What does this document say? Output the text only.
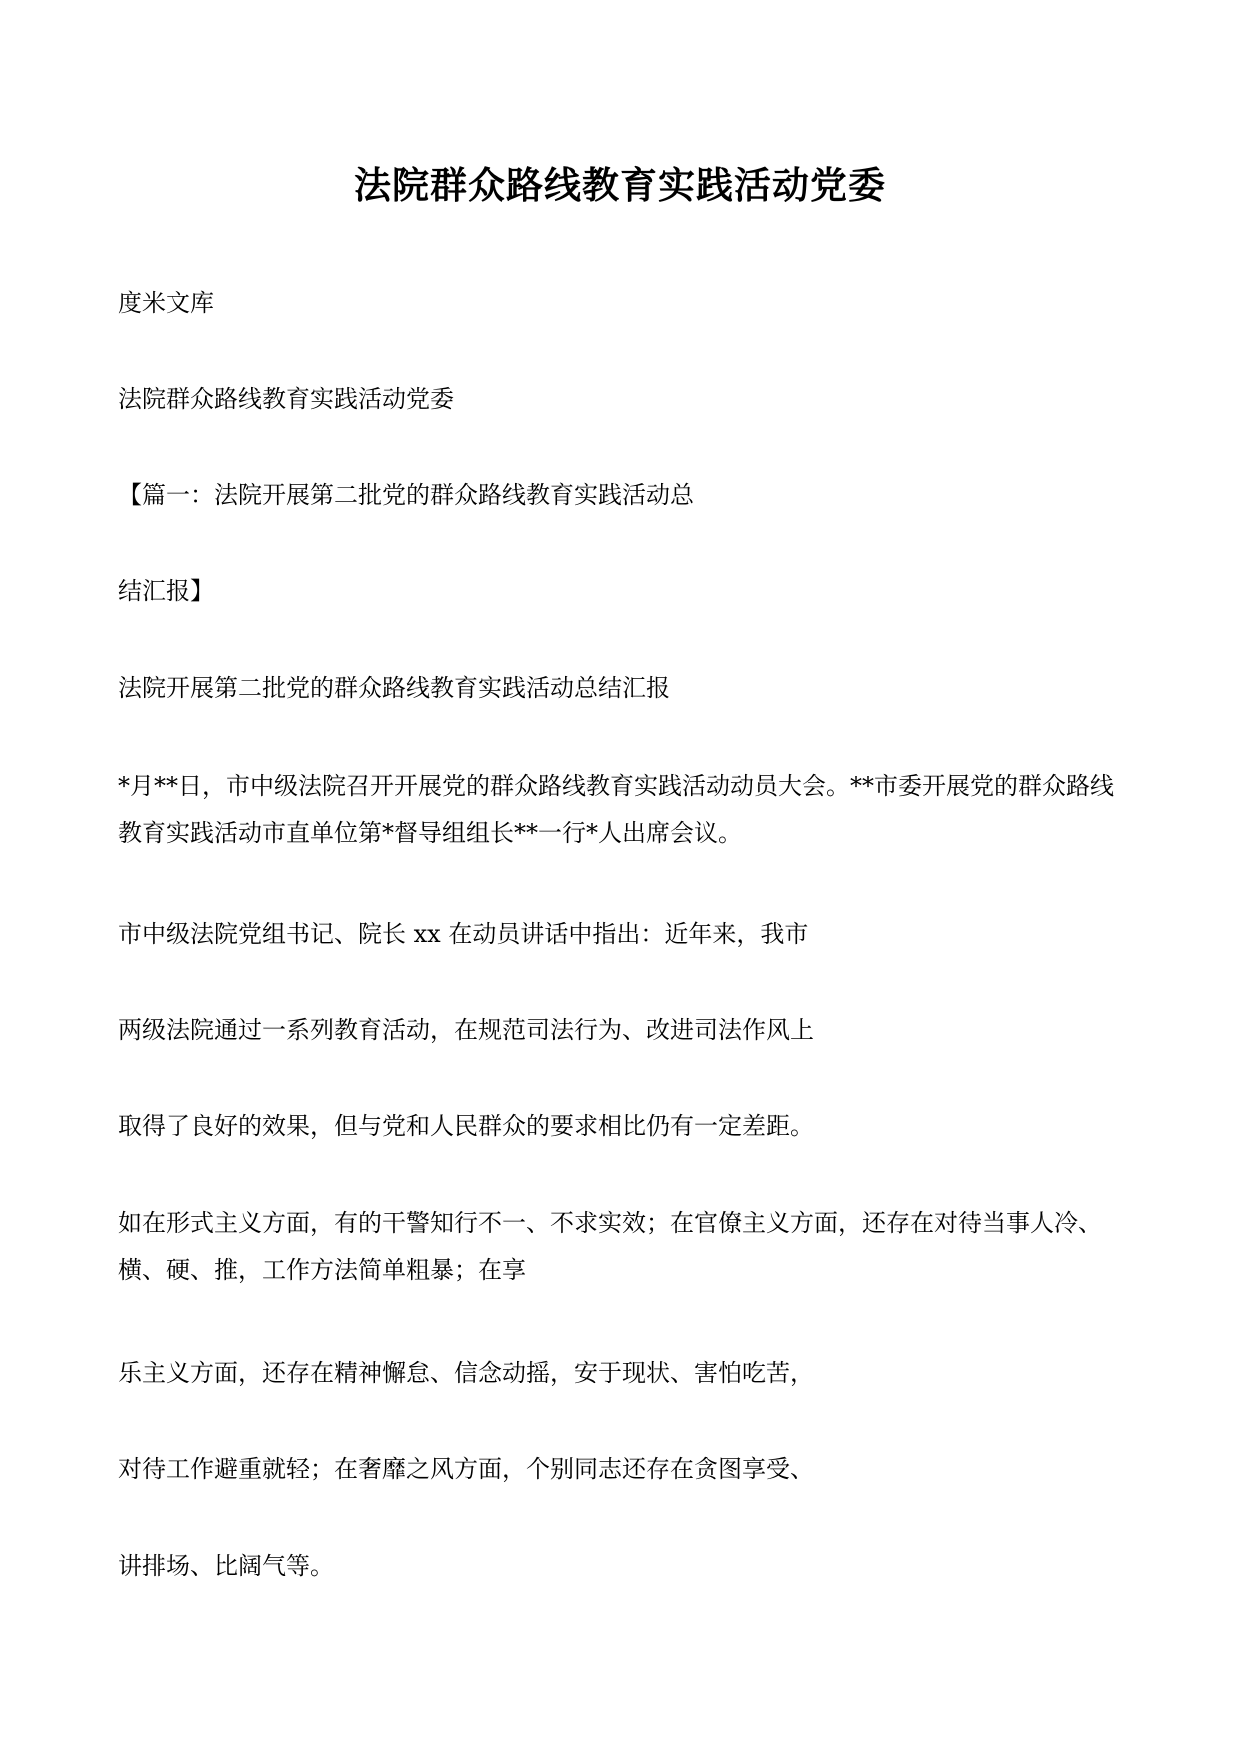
法院群众路线教育实践活动党委
度米文库
法院群众路线教育实践活动党委
【篇一：法院开展第二批党的群众路线教育实践活动总
结汇报】
法院开展第二批党的群众路线教育实践活动总结汇报
*月**日，市中级法院召开开展党的群众路线教育实践活动动员大会。**市委开展党的群众路线教育实践活动市直单位第*督导组组长**一行*人出席会议。
市中级法院党组书记、院长 xx 在动员讲话中指出：近年来，我市
两级法院通过一系列教育活动，在规范司法行为、改进司法作风上
取得了良好的效果，但与党和人民群众的要求相比仍有一定差距。
如在形式主义方面，有的干警知行不一、不求实效；在官僚主义方面，还存在对待当事人冷、横、硬、推，工作方法简单粗暴；在享
乐主义方面，还存在精神懈怠、信念动摇，安于现状、害怕吃苦，
对待工作避重就轻；在奢靡之风方面，个别同志还存在贪图享受、
讲排场、比阔气等。
